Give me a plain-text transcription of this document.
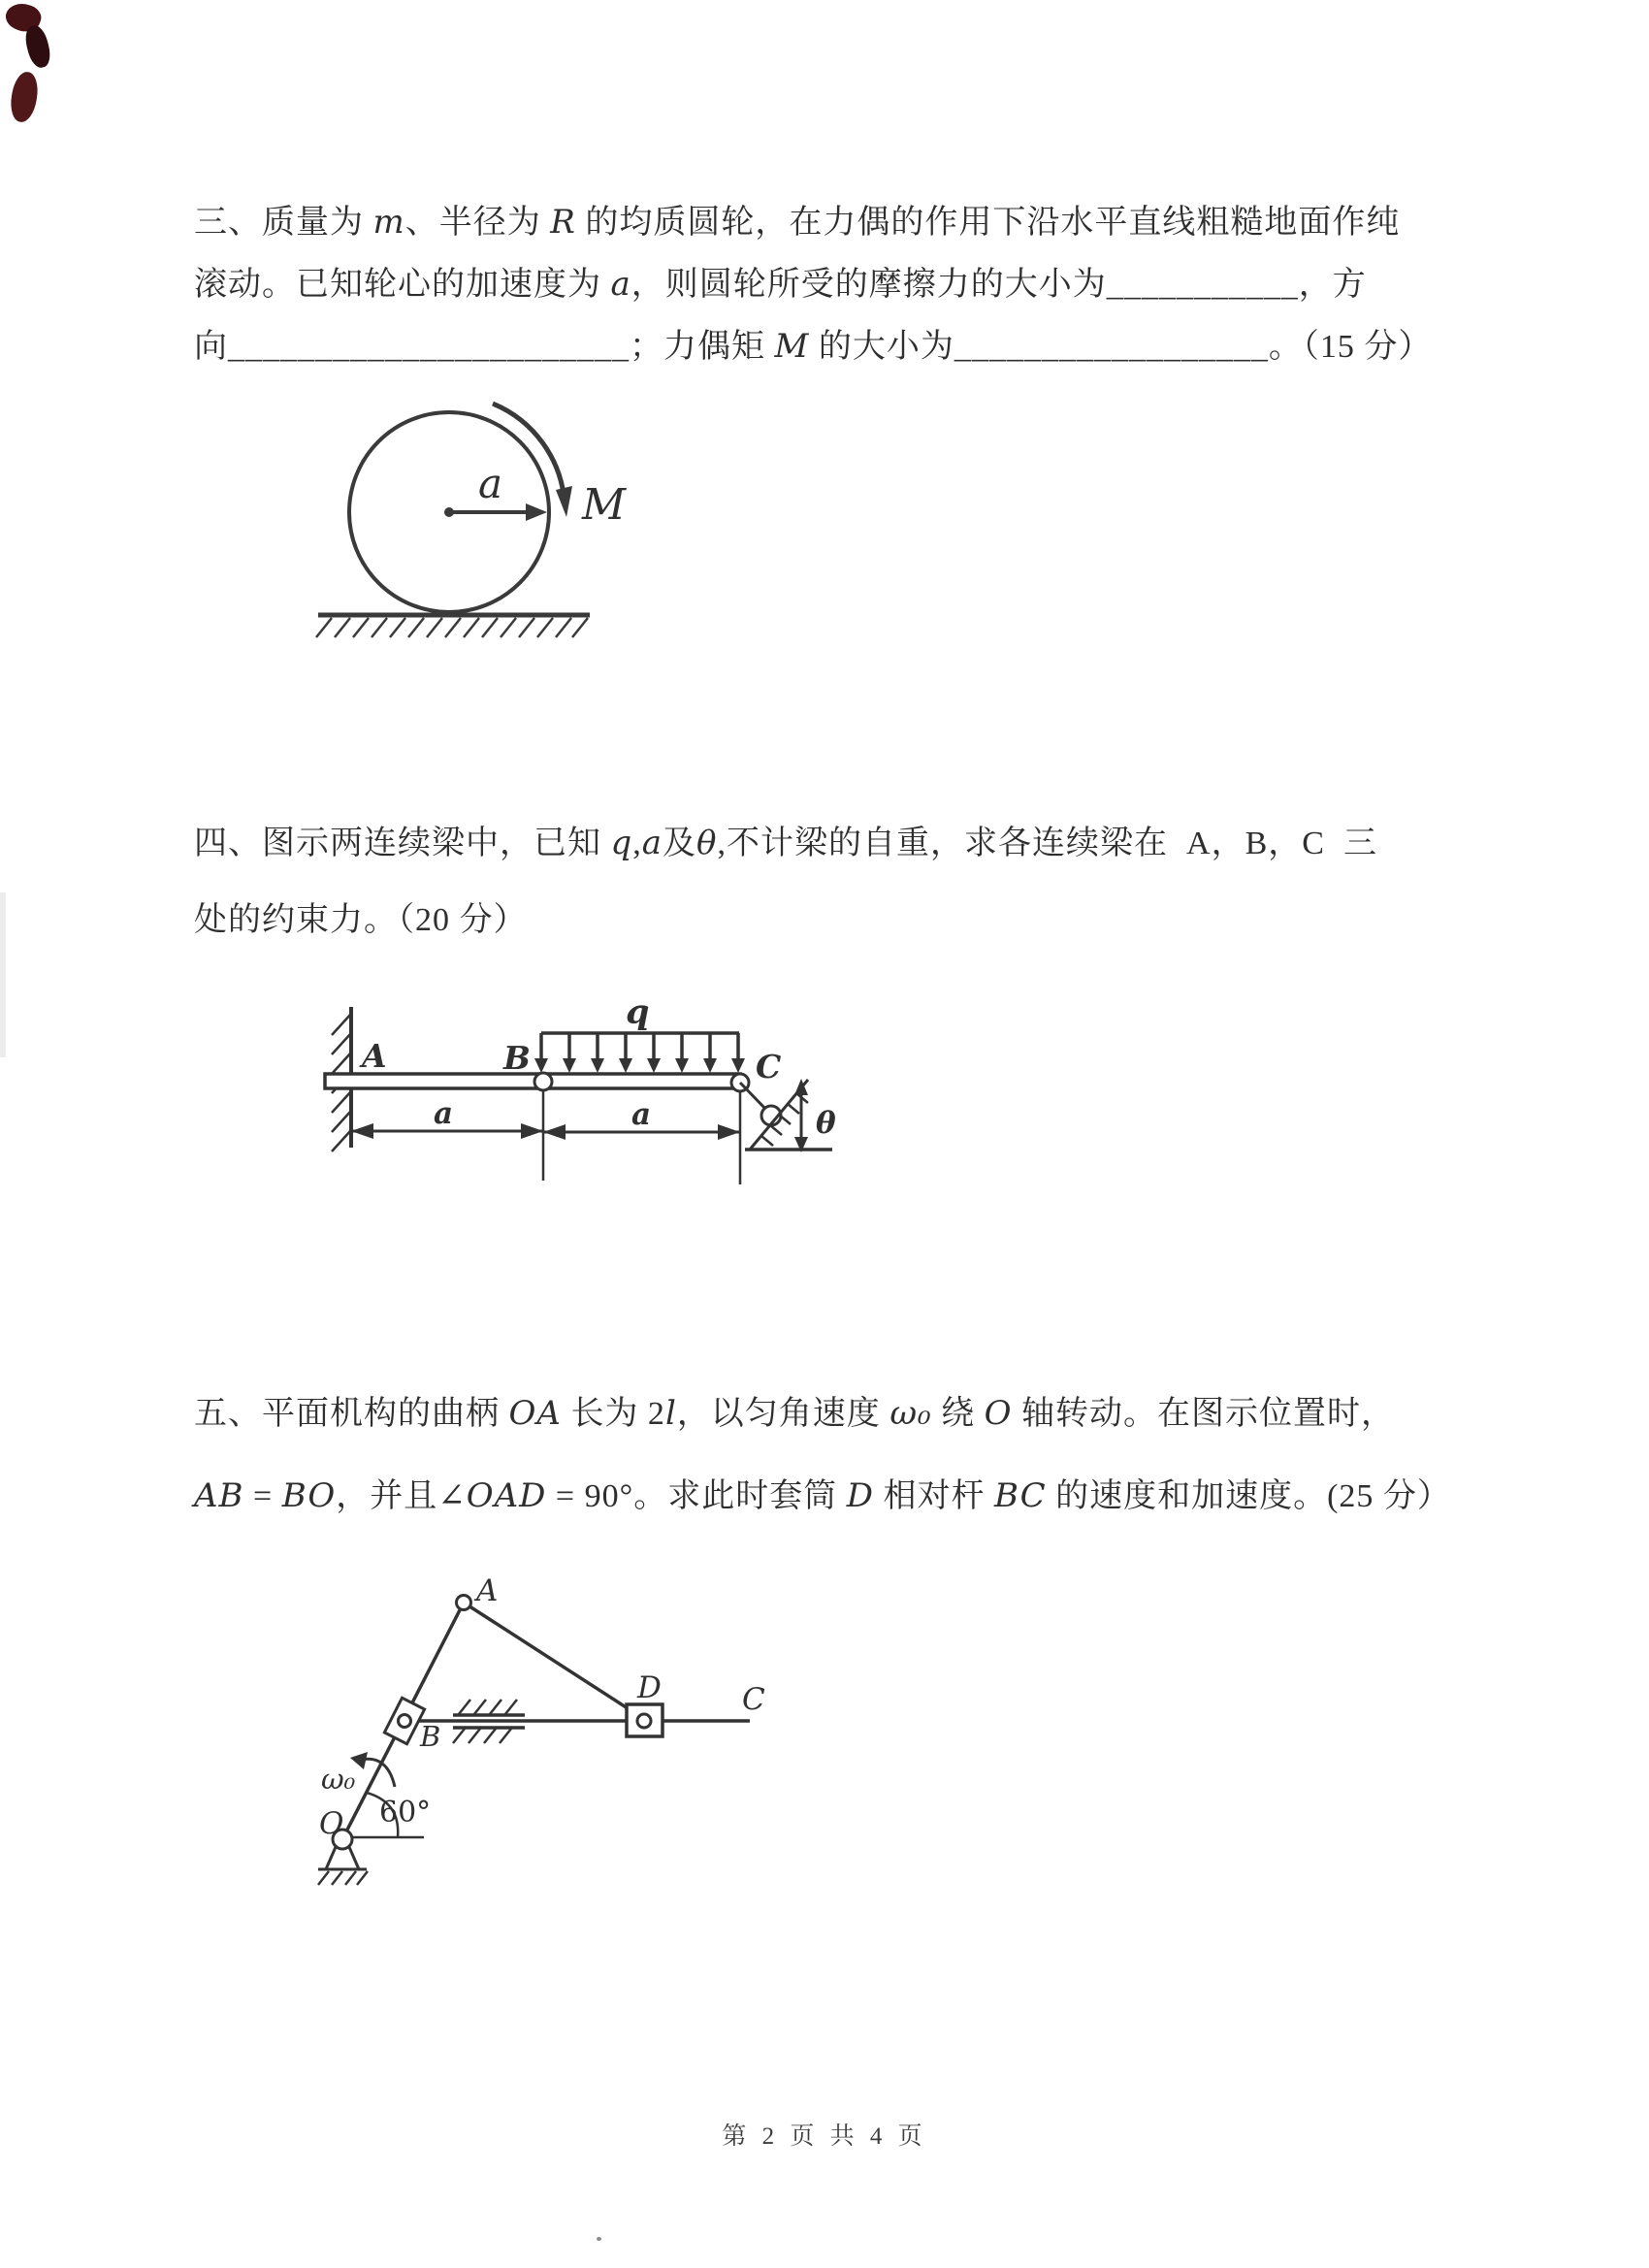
三、质量为 m、半径为 R 的均质圆轮，在力偶的作用下沿水平直线粗糙地面作纯
滚动。已知轮心的加速度为 a，则圆轮所受的摩擦力的大小为___________，方
向_______________________；力偶矩 M 的大小为__________________。（15 分）
a M
四、图示两连续梁中，已知 q,a及θ,不计梁的自重，求各连续梁在  A，B，C  三
处的约束力。（20 分）
A	B	C
q
θ
a	a
五、平面机构的曲柄 OA 长为 2l，以匀角速度 ω₀ 绕 O 轴转动。在图示位置时，
AB = BO，并且∠OAD = 90°。求此时套筒 D 相对杆 BC 的速度和加速度。(25 分）
A
B
C
D
O
ω₀
60°
第 2 页 共 4 页
